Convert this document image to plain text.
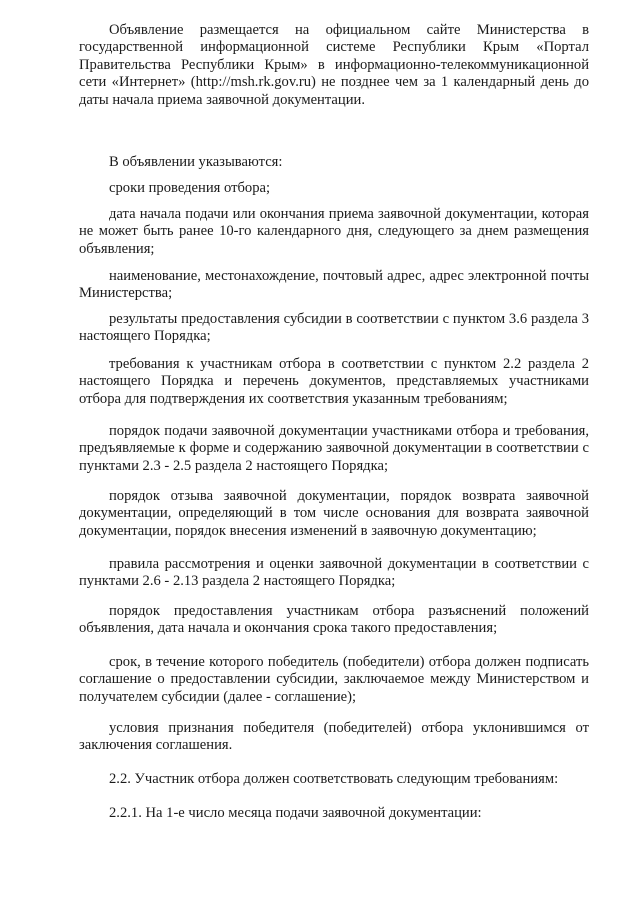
Объявление размещается на официальном сайте Министерства в государственной информационной системе Республики Крым «Портал Правительства Республики Крым» в информационно-телекоммуникационной сети «Интернет» (http://msh.rk.gov.ru) не позднее чем за 1 календарный день до даты начала приема заявочной документации.

В объявлении указываются:

сроки проведения отбора;

дата начала подачи или окончания приема заявочной документации, которая не может быть ранее 10-го календарного дня, следующего за днем размещения объявления;

наименование, местонахождение, почтовый адрес, адрес электронной почты Министерства;

результаты предоставления субсидии в соответствии с пунктом 3.6 раздела 3 настоящего Порядка;

требования к участникам отбора в соответствии с пунктом 2.2 раздела 2 настоящего Порядка и перечень документов, представляемых участниками отбора для подтверждения их соответствия указанным требованиям;

порядок подачи заявочной документации участниками отбора и требования, предъявляемые к форме и содержанию заявочной документации в соответствии с пунктами 2.3 - 2.5 раздела 2 настоящего Порядка;

порядок отзыва заявочной документации, порядок возврата заявочной документации, определяющий в том числе основания для возврата заявочной документации, порядок внесения изменений в заявочную документацию;

правила рассмотрения и оценки заявочной документации в соответствии с пунктами 2.6 - 2.13 раздела 2 настоящего Порядка;

порядок предоставления участникам отбора разъяснений положений объявления, дата начала и окончания срока такого предоставления;

срок, в течение которого победитель (победители) отбора должен подписать соглашение о предоставлении субсидии, заключаемое между Министерством и получателем субсидии (далее - соглашение);

условия признания победителя (победителей) отбора уклонившимся от заключения соглашения.

2.2. Участник отбора должен соответствовать следующим требованиям:

2.2.1. На 1-е число месяца подачи заявочной документации:
